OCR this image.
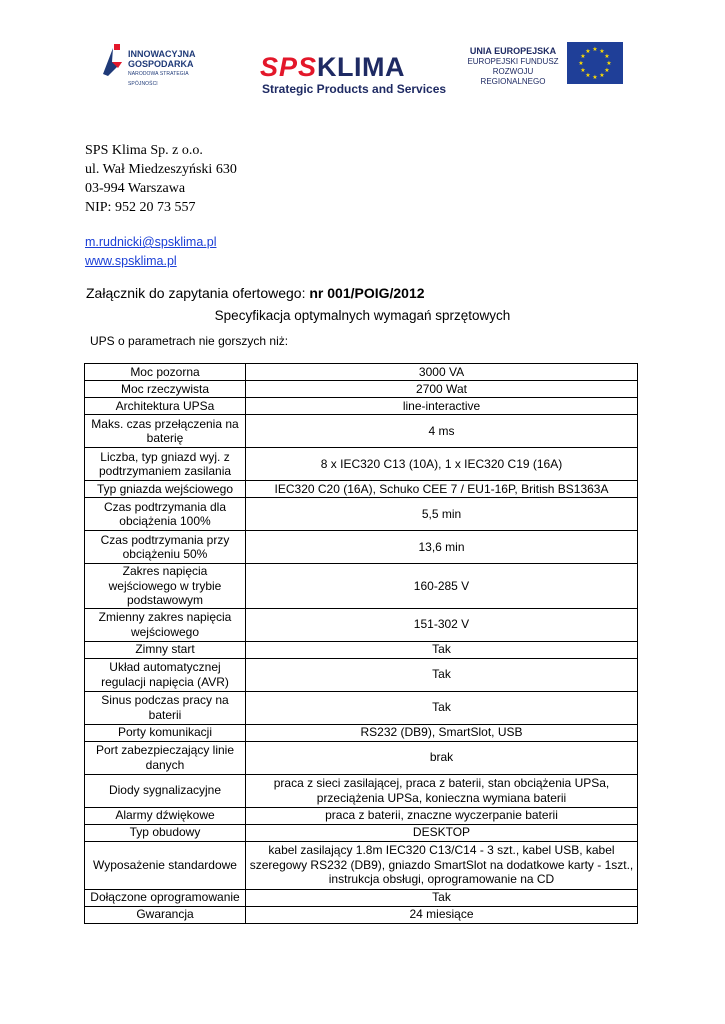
INNOWACYJNA
GOSPODARKA
NARODOWA STRATEGIA SPÓJNOŚCI
SPS KLIMA
Strategic Products and Services
UNIA EUROPEJSKA
EUROPEJSKI FUNDUSZ
ROZWOJU REGIONALNEGO
★ ★
★
★
★
★
★
★
★
★
★
★
SPS Klima Sp. z o.o.
ul. Wał Miedzeszyński 630
03-994 Warszawa
NIP: 952 20 73 557
m.rudnicki@spsklima.pl
www.spsklima.pl
Załącznik do zapytania ofertowego: nr 001/POIG/2012
Specyfikacja optymalnych wymagań sprzętowych
UPS o parametrach nie gorszych niż:
Moc pozorna	3000 VA
Moc rzeczywista	2700 Wat
Architektura UPSa	line-interactive
Maks. czas przełączenia na baterię	4 ms
Liczba, typ gniazd wyj. z podtrzymaniem zasilania	8 x IEC320 C13 (10A), 1 x IEC320 C19 (16A)
Typ gniazda wejściowego	IEC320 C20 (16A), Schuko CEE 7 / EU1-16P, British BS1363A
Czas podtrzymania dla obciążenia 100%	5,5 min
Czas podtrzymania przy obciążeniu 50%	13,6 min
Zakres napięcia wejściowego w trybie podstawowym	160-285 V
Zmienny zakres napięcia wejściowego	151-302 V
Zimny start	Tak
Układ automatycznej regulacji napięcia (AVR)	Tak
Sinus podczas pracy na baterii	Tak
Porty komunikacji	RS232 (DB9), SmartSlot, USB
Port zabezpieczający linie danych	brak
Diody sygnalizacyjne	praca z sieci zasilającej, praca z baterii, stan obciążenia UPSa, przeciążenia UPSa, konieczna wymiana baterii
Alarmy dźwiękowe	praca z baterii, znaczne wyczerpanie baterii
Typ obudowy	DESKTOP
Wyposażenie standardowe	kabel zasilający 1.8m IEC320 C13/C14 - 3 szt., kabel USB, kabel szeregowy RS232 (DB9), gniazdo SmartSlot na dodatkowe karty - 1szt., instrukcja obsługi, oprogramowanie na CD
Dołączone oprogramowanie	Tak
Gwarancja	24 miesiące
